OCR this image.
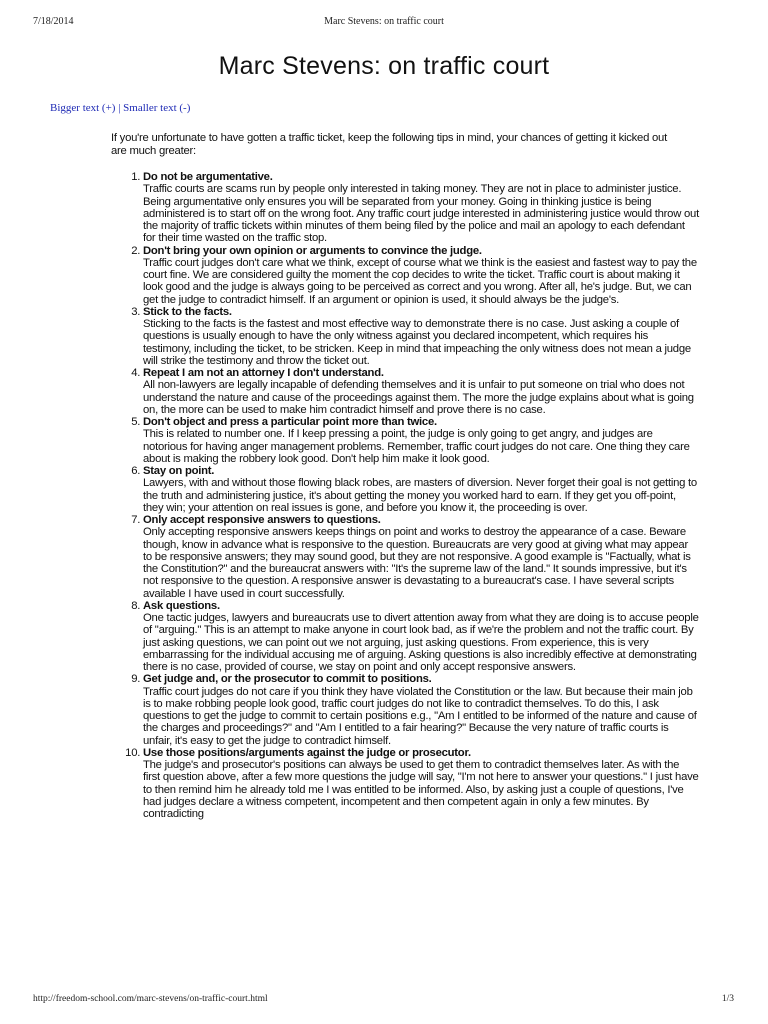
7/18/2014	Marc Stevens: on traffic court
Marc Stevens: on traffic court
Bigger text (+) | Smaller text (-)
If you're unfortunate to have gotten a traffic ticket, keep the following tips in mind, your chances of getting it kicked out are much greater:
1. Do not be argumentative.
Traffic courts are scams run by people only interested in taking money. They are not in place to administer justice. Being argumentative only ensures you will be separated from your money. Going in thinking justice is being administered is to start off on the wrong foot. Any traffic court judge interested in administering justice would throw out the majority of traffic tickets within minutes of them being filed by the police and mail an apology to each defendant for their time wasted on the traffic stop.
2. Don't bring your own opinion or arguments to convince the judge.
Traffic court judges don't care what we think, except of course what we think is the easiest and fastest way to pay the court fine. We are considered guilty the moment the cop decides to write the ticket. Traffic court is about making it look good and the judge is always going to be perceived as correct and you wrong. After all, he's judge. But, we can get the judge to contradict himself. If an argument or opinion is used, it should always be the judge's.
3. Stick to the facts.
Sticking to the facts is the fastest and most effective way to demonstrate there is no case. Just asking a couple of questions is usually enough to have the only witness against you declared incompetent, which requires his testimony, including the ticket, to be stricken. Keep in mind that impeaching the only witness does not mean a judge will strike the testimony and throw the ticket out.
4. Repeat I am not an attorney I don't understand.
All non-lawyers are legally incapable of defending themselves and it is unfair to put someone on trial who does not understand the nature and cause of the proceedings against them. The more the judge explains about what is going on, the more can be used to make him contradict himself and prove there is no case.
5. Don't object and press a particular point more than twice.
This is related to number one. If I keep pressing a point, the judge is only going to get angry, and judges are notorious for having anger management problems. Remember, traffic court judges do not care. One thing they care about is making the robbery look good. Don't help him make it look good.
6. Stay on point.
Lawyers, with and without those flowing black robes, are masters of diversion. Never forget their goal is not getting to the truth and administering justice, it's about getting the money you worked hard to earn. If they get you off-point, they win; your attention on real issues is gone, and before you know it, the proceeding is over.
7. Only accept responsive answers to questions.
Only accepting responsive answers keeps things on point and works to destroy the appearance of a case. Beware though, know in advance what is responsive to the question. Bureaucrats are very good at giving what may appear to be responsive answers; they may sound good, but they are not responsive. A good example is "Factually, what is the Constitution?" and the bureaucrat answers with: "It's the supreme law of the land." It sounds impressive, but it's not responsive to the question. A responsive answer is devastating to a bureaucrat's case. I have several scripts available I have used in court successfully.
8. Ask questions.
One tactic judges, lawyers and bureaucrats use to divert attention away from what they are doing is to accuse people of "arguing." This is an attempt to make anyone in court look bad, as if we're the problem and not the traffic court. By just asking questions, we can point out we not arguing, just asking questions. From experience, this is very embarrassing for the individual accusing me of arguing. Asking questions is also incredibly effective at demonstrating there is no case, provided of course, we stay on point and only accept responsive answers.
9. Get judge and, or the prosecutor to commit to positions.
Traffic court judges do not care if you think they have violated the Constitution or the law. But because their main job is to make robbing people look good, traffic court judges do not like to contradict themselves. To do this, I ask questions to get the judge to commit to certain positions e.g., "Am I entitled to be informed of the nature and cause of the charges and proceedings?" and "Am I entitled to a fair hearing?" Because the very nature of traffic courts is unfair, it's easy to get the judge to contradict himself.
10. Use those positions/arguments against the judge or prosecutor.
The judge's and prosecutor's positions can always be used to get them to contradict themselves later. As with the first question above, after a few more questions the judge will say, "I'm not here to answer your questions." I just have to then remind him he already told me I was entitled to be informed. Also, by asking just a couple of questions, I've had judges declare a witness competent, incompetent and then competent again in only a few minutes. By contradicting
http://freedom-school.com/marc-stevens/on-traffic-court.html	1/3
